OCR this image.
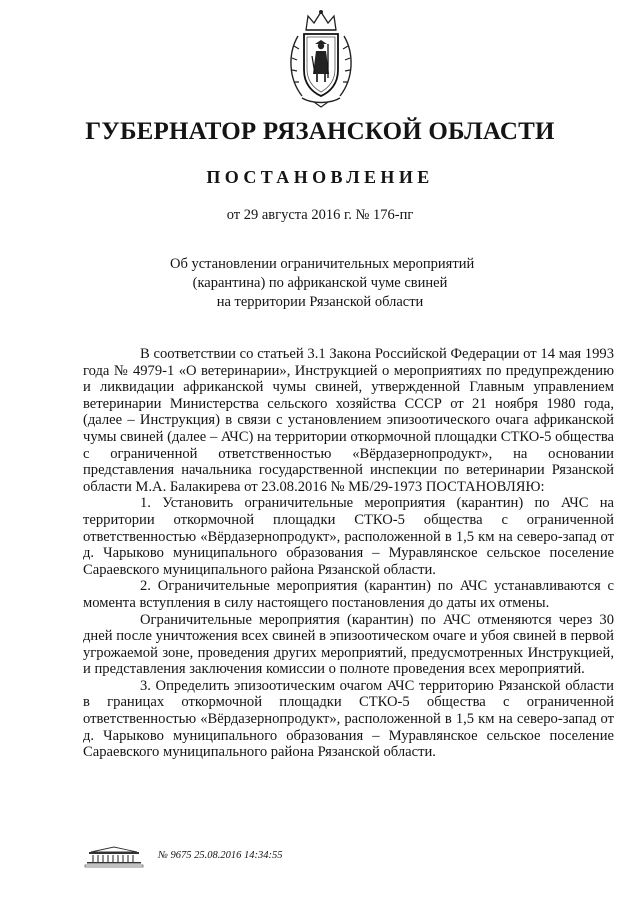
ГУБЕРНАТОР РЯЗАНСКОЙ ОБЛАСТИ
ПОСТАНОВЛЕНИЕ
от 29 августа 2016 г. № 176-пг
Об установлении ограничительных мероприятий
(карантина) по африканской чуме свиней
на территории Рязанской области

В соответствии со статьей 3.1 Закона Российской Федерации от 14 мая 1993 года № 4979-1 «О ветеринарии», Инструкцией о мероприятиях по предупреждению и ликвидации африканской чумы свиней, утвержденной Главным управлением ветеринарии Министерства сельского хозяйства СССР от 21 ноября 1980 года, (далее – Инструкция) в связи с установлением эпизоотического очага африканской чумы свиней (далее – АЧС) на территории откормочной площадки СТКО-5 общества с ограниченной ответственностью «Вёрдазернопродукт», на основании представления начальника государственной инспекции по ветеринарии Рязанской области М.А. Балакирева от 23.08.2016 № МБ/29-1973 ПОСТАНОВЛЯЮ:

1. Установить ограничительные мероприятия (карантин) по АЧС на территории откормочной площадки СТКО-5 общества с ограниченной ответственностью «Вёрдазернопродукт», расположенной в 1,5 км на северо-запад от д. Чарыково муниципального образования – Муравлянское сельское поселение Сараевского муниципального района Рязанской области.

2. Ограничительные мероприятия (карантин) по АЧС устанавливаются с момента вступления в силу настоящего постановления до даты их отмены.

Ограничительные мероприятия (карантин) по АЧС отменяются через 30 дней после уничтожения всех свиней в эпизоотическом очаге и убоя свиней в первой угрожаемой зоне, проведения других мероприятий, предусмотренных Инструкцией, и представления заключения комиссии о полноте проведения всех мероприятий.

3. Определить эпизоотическим очагом АЧС территорию Рязанской области в границах откормочной площадки СТКО-5 общества с ограниченной ответственностью «Вёрдазернопродукт», расположенной в 1,5 км на северо-запад от д. Чарыково муниципального образования – Муравлянское сельское поселение Сараевского муниципального района Рязанской области.

№ 9675 25.08.2016 14:34:55
